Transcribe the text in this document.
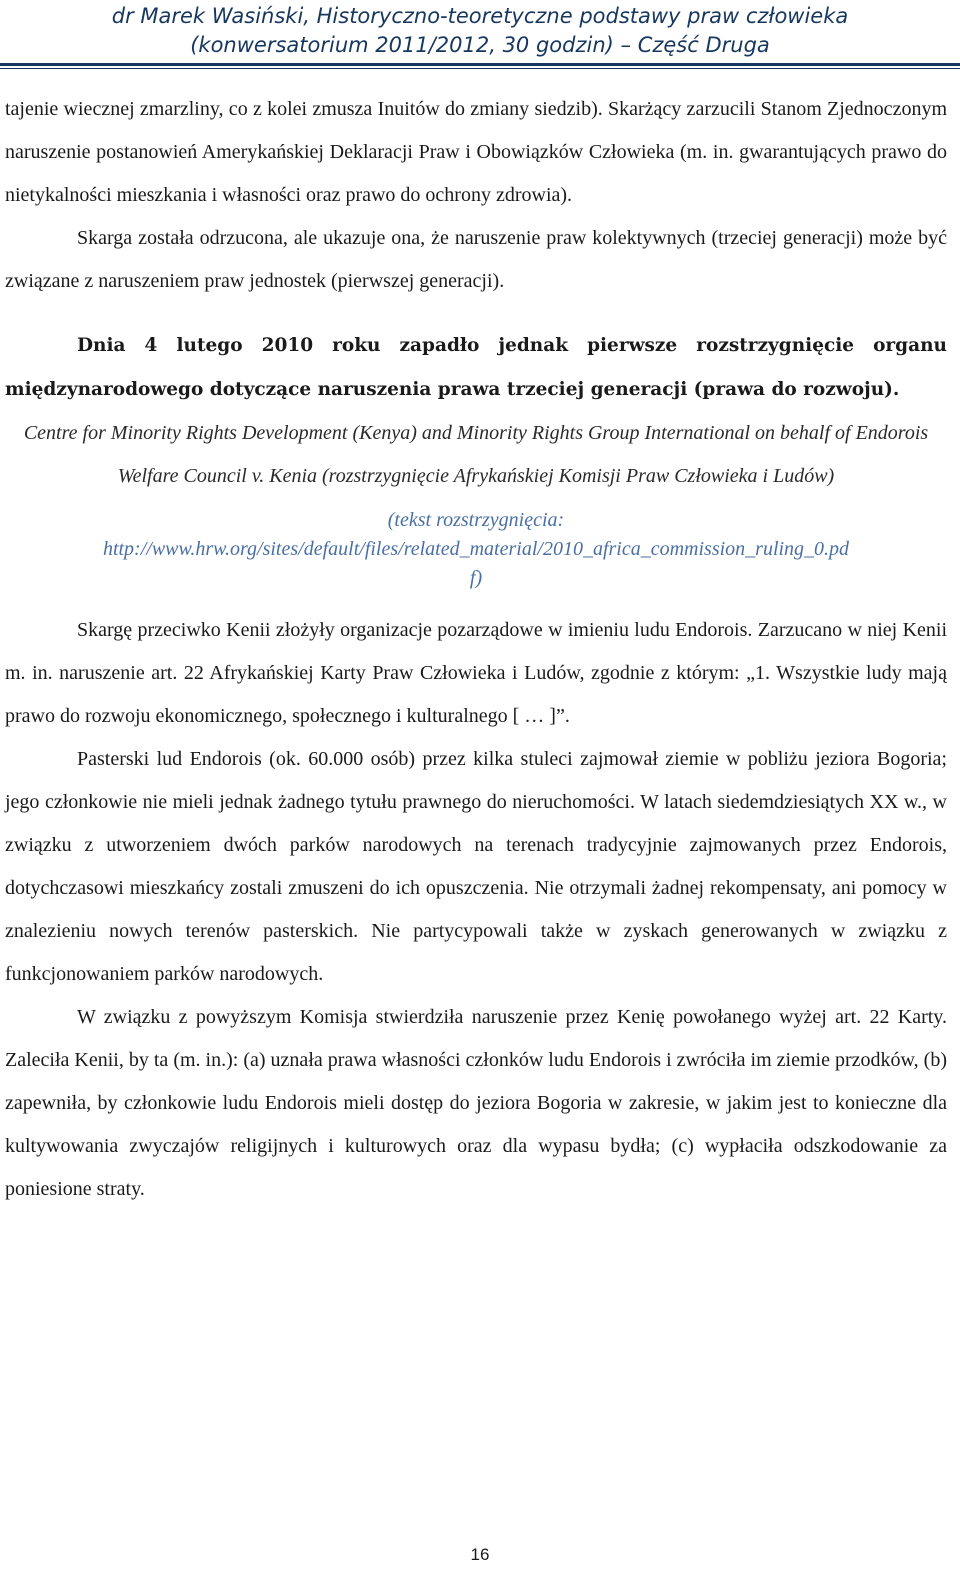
dr Marek Wasiński, Historyczno-teoretyczne podstawy praw człowieka
(konwersatorium 2011/2012, 30 godzin) – Część Druga

tajenie wiecznej zmarzliny, co z kolei zmusza Inuitów do zmiany siedzib). Skarżący zarzucili Stanom Zjednoczonym naruszenie postanowień Amerykańskiej Deklaracji Praw i Obowiązków Człowieka (m. in. gwarantujących prawo do nietykalności mieszkania i własności oraz prawo do ochrony zdrowia).

Skarga została odrzucona, ale ukazuje ona, że naruszenie praw kolektywnych (trzeciej generacji) może być związane z naruszeniem praw jednostek (pierwszej generacji).

Dnia 4 lutego 2010 roku zapadło jednak pierwsze rozstrzygnięcie organu międzynarodowego dotyczące naruszenia prawa trzeciej generacji (prawa do rozwoju).

Centre for Minority Rights Development (Kenya) and Minority Rights Group International on behalf of Endorois Welfare Council v. Kenia (rozstrzygnięcie Afrykańskiej Komisji Praw Człowieka i Ludów)

(tekst rozstrzygnięcia:
http://www.hrw.org/sites/default/files/related_material/2010_africa_commission_ruling_0.pd
f)

Skargę przeciwko Kenii złożyły organizacje pozarządowe w imieniu ludu Endorois. Zarzucano w niej Kenii m. in. naruszenie art. 22 Afrykańskiej Karty Praw Człowieka i Ludów, zgodnie z którym: „1. Wszystkie ludy mają prawo do rozwoju ekonomicznego, społecznego i kulturalnego [ … ]”.

Pasterski lud Endorois (ok. 60.000 osób) przez kilka stuleci zajmował ziemie w pobliżu jeziora Bogoria; jego członkowie nie mieli jednak żadnego tytułu prawnego do nieruchomości. W latach siedemdziesiątych XX w., w związku z utworzeniem dwóch parków narodowych na terenach tradycyjnie zajmowanych przez Endorois, dotychczasowi mieszkańcy zostali zmuszeni do ich opuszczenia. Nie otrzymali żadnej rekompensaty, ani pomocy w znalezieniu nowych terenów pasterskich. Nie partycypowali także w zyskach generowanych w związku z funkcjonowaniem parków narodowych.

W związku z powyższym Komisja stwierdziła naruszenie przez Kenię powołanego wyżej art. 22 Karty. Zaleciła Kenii, by ta (m. in.): (a) uznała prawa własności członków ludu Endorois i zwróciła im ziemie przodków, (b) zapewniła, by członkowie ludu Endorois mieli dostęp do jeziora Bogoria w zakresie, w jakim jest to konieczne dla kultywowania zwyczajów religijnych i kulturowych oraz dla wypasu bydła; (c) wypłaciła odszkodowanie za poniesione straty.

16
